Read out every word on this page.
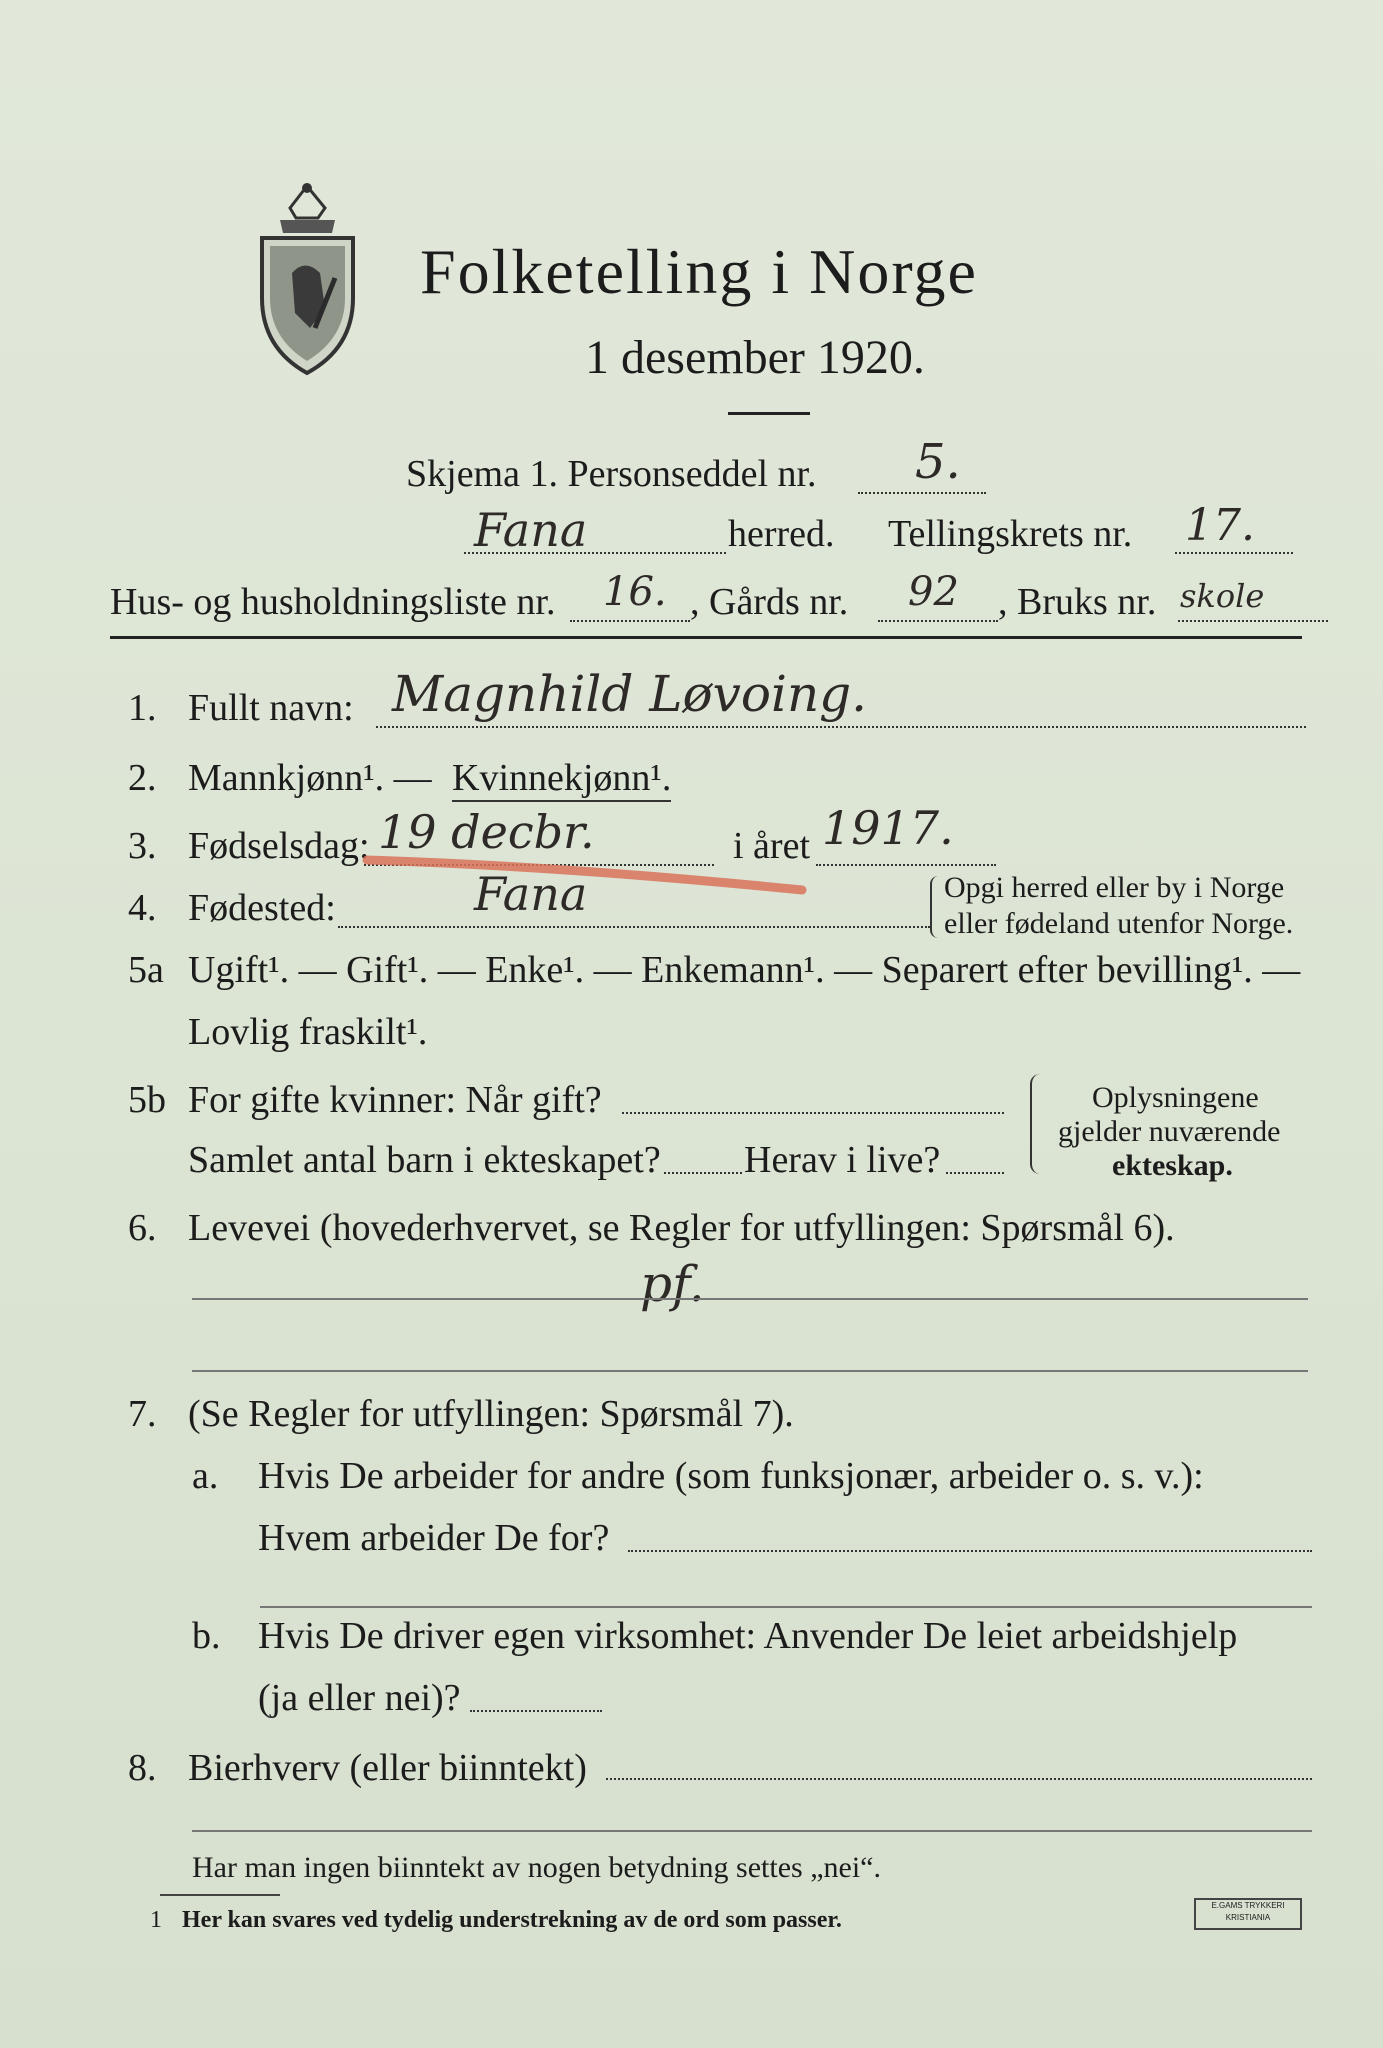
Folketelling i Norge
1 desember 1920.
Skjema 1. Personseddel nr. 5.
Fana	herred. Tellingskrets nr. 17.
Hus- og husholdningsliste nr. 16. , Gårds nr. 92 , Bruks nr. skole
1. Fullt navn: Magnhild Løvoing.
2. Mannkjønn¹. — Kvinnekjønn¹.
3. Fødselsdag: 19 decbr.	i året 1917.
4. Fødested:	Fana	Opgi herred eller by i Norge
eller fødeland utenfor Norge.
5a Ugift¹. — Gift¹. — Enke¹. — Enkemann¹. — Separert efter bevilling¹. —
Lovlig fraskilt¹.
5b For gifte kvinner: Når gift?
Samlet antal barn i ekteskapet? Herav i live?
Oplysningene
gjelder nuværende
ekteskap.
6. Levevei (hovederhvervet, se Regler for utfyllingen: Spørsmål 6).
pf.
7. (Se Regler for utfyllingen: Spørsmål 7).
a. Hvis De arbeider for andre (som funksjonær, arbeider o. s. v.):
Hvem arbeider De for?
b. Hvis De driver egen virksomhet: Anvender De leiet arbeidshjelp
(ja eller nei)?
8. Bierhverv (eller biinntekt)
Har man ingen biinntekt av nogen betydning settes „nei“.
1 Her kan svares ved tydelig understrekning av de ord som passer.
E.GAMS TRYKKERI
KRISTIANIA
